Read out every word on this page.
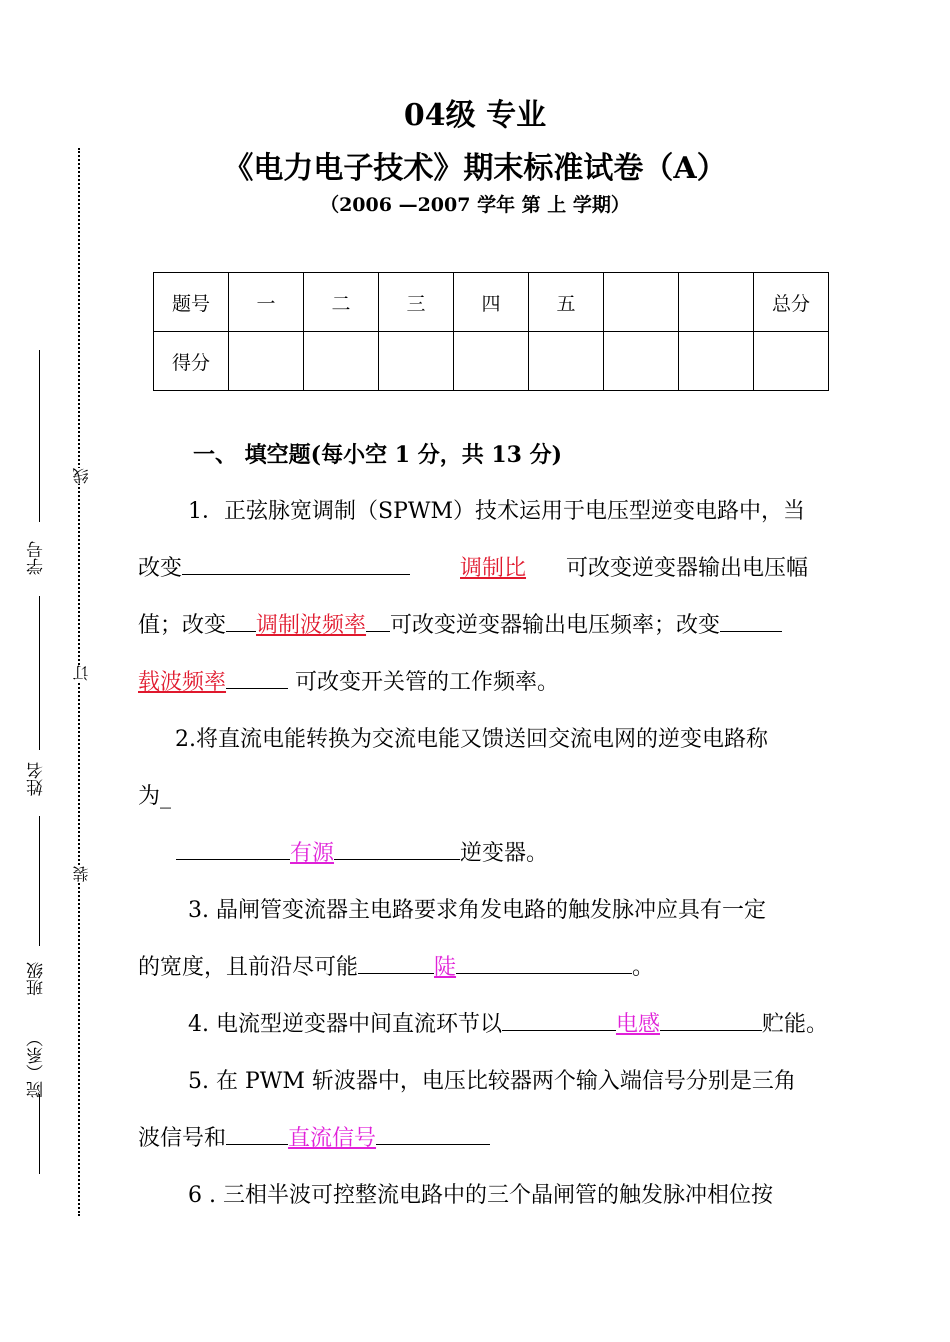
04级 专业
《电力电子技术》期末标准试卷（A）
（2006 —2007 学年 第 上 学期）
线
订
装
学号
姓名
班级
院（系）
题号	一	二	三	四	五			总分
得分								
一、 填空题(每小空 1 分，共 13 分)
1．正弦脉宽调制（SPWM）技术运用于电压型逆变电路中，当
改变	调制比 可改变逆变器输出电压幅
值；改变 调制波频率 可改变逆变器输出电压频率；改变
载波频率	可改变开关管的工作频率。
2.将直流电能转换为交流电能又馈送回交流电网的逆变电路称
为_
有源	逆变器。
3. 晶闸管变流器主电路要求角发电路的触发脉冲应具有一定
的宽度，且前沿尽可能	陡	。
4. 电流型逆变器中间直流环节以	电感	贮能。
5. 在 PWM 斩波器中，电压比较器两个输入端信号分别是三角
波信号和	直流信号
6 . 三相半波可控整流电路中的三个晶闸管的触发脉冲相位按
